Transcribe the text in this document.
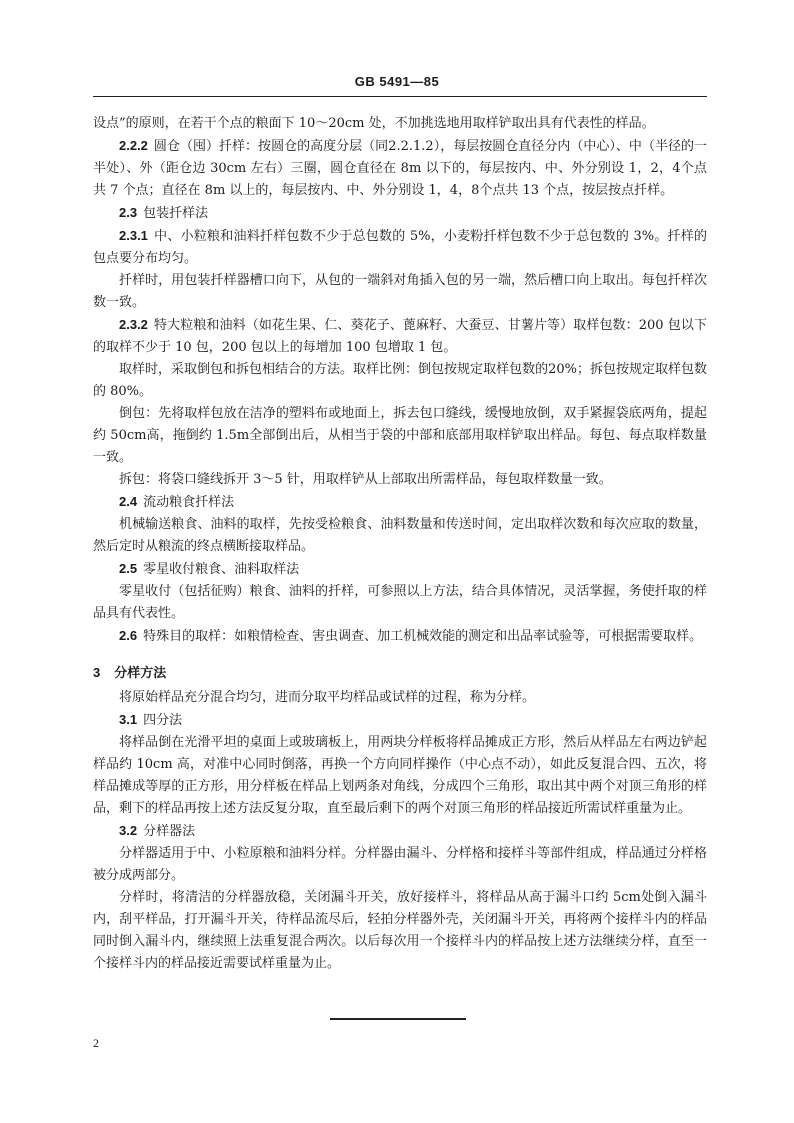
GB 5491—85

设点”的原则，在若干个点的粮面下 10～20cm 处，不加挑选地用取样铲取出具有代表性的样品。

2.2.2 圆仓（囤）扦样：按圆仓的高度分层（同2.2.1.2），每层按圆仓直径分内（中心）、中（半径的一半处）、外（距仓边 30cm 左右）三圈，圆仓直径在 8m 以下的，每层按内、中、外分别设 1，2，4个点共 7 个点；直径在 8m 以上的，每层按内、中、外分别设 1，4，8个点共 13 个点，按层按点扦样。

2.3 包装扦样法

2.3.1 中、小粒粮和油料扦样包数不少于总包数的 5%，小麦粉扦样包数不少于总包数的 3%。扦样的包点要分布均匀。

扦样时，用包装扦样器槽口向下，从包的一端斜对角插入包的另一端，然后槽口向上取出。每包扦样次数一致。

2.3.2 特大粒粮和油料（如花生果、仁、葵花子、蓖麻籽、大蚕豆、甘薯片等）取样包数：200 包以下的取样不少于 10 包，200 包以上的每增加 100 包增取 1 包。

取样时，采取倒包和拆包相结合的方法。取样比例：倒包按规定取样包数的20%；拆包按规定取样包数的 80%。

倒包：先将取样包放在洁净的塑料布或地面上，拆去包口缝线，缓慢地放倒，双手紧握袋底两角，提起约 50cm高，拖倒约 1.5m全部倒出后，从相当于袋的中部和底部用取样铲取出样品。每包、每点取样数量一致。

拆包：将袋口缝线拆开 3～5 针，用取样铲从上部取出所需样品，每包取样数量一致。

2.4 流动粮食扦样法

机械输送粮食、油料的取样，先按受检粮食、油料数量和传送时间，定出取样次数和每次应取的数量，然后定时从粮流的终点横断接取样品。

2.5 零星收付粮食、油料取样法

零星收付（包括征购）粮食、油料的扦样，可参照以上方法，结合具体情况，灵活掌握，务使扦取的样品具有代表性。

2.6 特殊目的取样：如粮情检查、害虫调查、加工机械效能的测定和出品率试验等，可根据需要取样。

3 分样方法

将原始样品充分混合均匀，进而分取平均样品或试样的过程，称为分样。

3.1 四分法

将样品倒在光滑平坦的桌面上或玻璃板上，用两块分样板将样品摊成正方形，然后从样品左右两边铲起样品约 10cm 高，对准中心同时倒落，再换一个方向同样操作（中心点不动），如此反复混合四、五次，将样品摊成等厚的正方形，用分样板在样品上划两条对角线，分成四个三角形，取出其中两个对顶三角形的样品，剩下的样品再按上述方法反复分取，直至最后剩下的两个对顶三角形的样品接近所需试样重量为止。

3.2 分样器法

分样器适用于中、小粒原粮和油料分样。分样器由漏斗、分样格和接样斗等部件组成，样品通过分样格被分成两部分。

分样时，将清洁的分样器放稳，关闭漏斗开关，放好接样斗，将样品从高于漏斗口约 5cm处倒入漏斗内，刮平样品，打开漏斗开关，待样品流尽后，轻拍分样器外壳，关闭漏斗开关，再将两个接样斗内的样品同时倒入漏斗内，继续照上法重复混合两次。以后每次用一个接样斗内的样品按上述方法继续分样，直至一个接样斗内的样品接近需要试样重量为止。

2
